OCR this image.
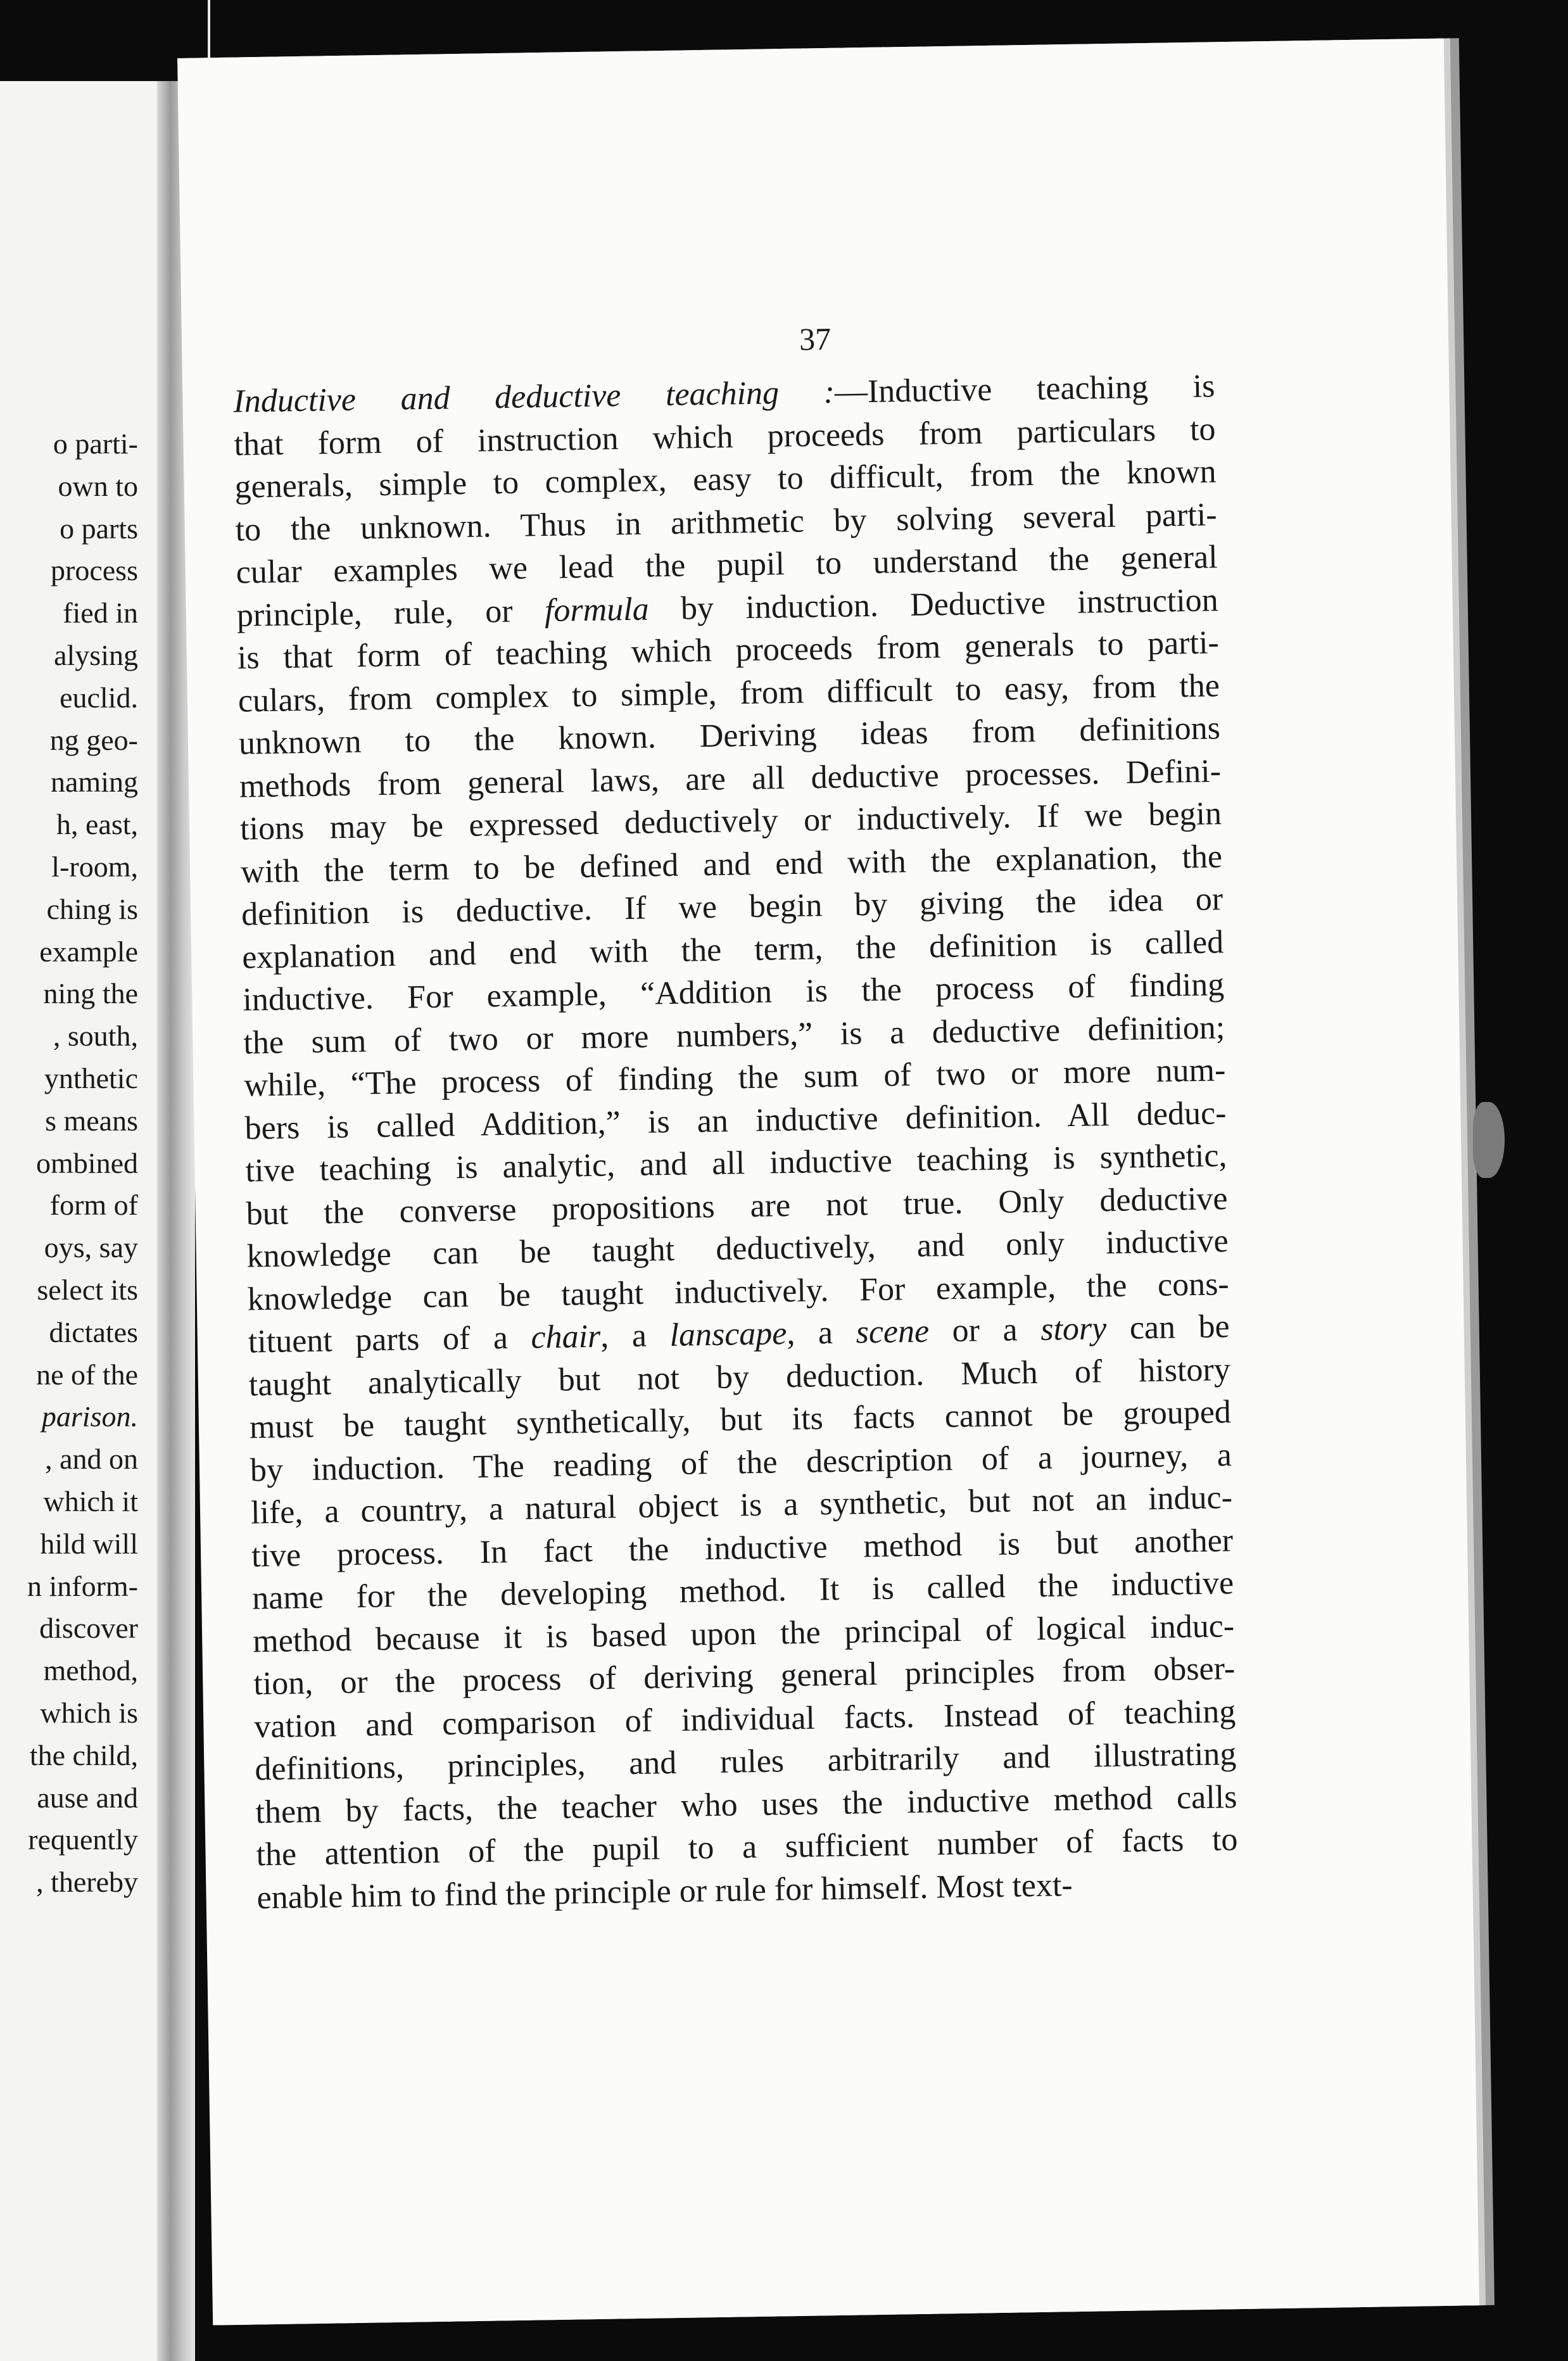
o parti-
own to
o parts
process
fied in
alysing
euclid.
ng geo-
naming
h, east,
l-room,
ching is
example
ning the
, south,
ynthetic
s means
ombined
form of
oys, say
select its
dictates
ne of the
parison.
, and on
which it
hild will
n inform-
discover
method,
which is
the child,
ause and
requently
, thereby
37
Inductive and deductive teaching :—Inductive teaching is
that form of instruction which proceeds from particulars to
generals, simple to complex, easy to difficult, from the known
to the unknown. Thus in arithmetic by solving several parti-
cular examples we lead the pupil to understand the general
principle, rule, or formula by induction. Deductive instruction
is that form of teaching which proceeds from generals to parti-
culars, from complex to simple, from difficult to easy, from the
unknown to the known. Deriving ideas from definitions
methods from general laws, are all deductive processes. Defini-
tions may be expressed deductively or inductively. If we begin
with the term to be defined and end with the explanation, the
definition is deductive. If we begin by giving the idea or
explanation and end with the term, the definition is called
inductive. For example, “Addition is the process of finding
the sum of two or more numbers,” is a deductive definition;
while, “The process of finding the sum of two or more num-
bers is called Addition,” is an inductive definition. All deduc-
tive teaching is analytic, and all inductive teaching is synthetic,
but the converse propositions are not true. Only deductive
knowledge can be taught deductively, and only inductive
knowledge can be taught inductively. For example, the cons-
tituent parts of a chair, a lanscape, a scene or a story can be
taught analytically but not by deduction. Much of history
must be taught synthetically, but its facts cannot be grouped
by induction. The reading of the description of a journey, a
life, a country, a natural object is a synthetic, but not an induc-
tive process. In fact the inductive method is but another
name for the developing method. It is called the inductive
method because it is based upon the principal of logical induc-
tion, or the process of deriving general principles from obser-
vation and comparison of individual facts. Instead of teaching
definitions, principles, and rules arbitrarily and illustrating
them by facts, the teacher who uses the inductive method calls
the attention of the pupil to a sufficient number of facts to
enable him to find the principle or rule for himself. Most text-
